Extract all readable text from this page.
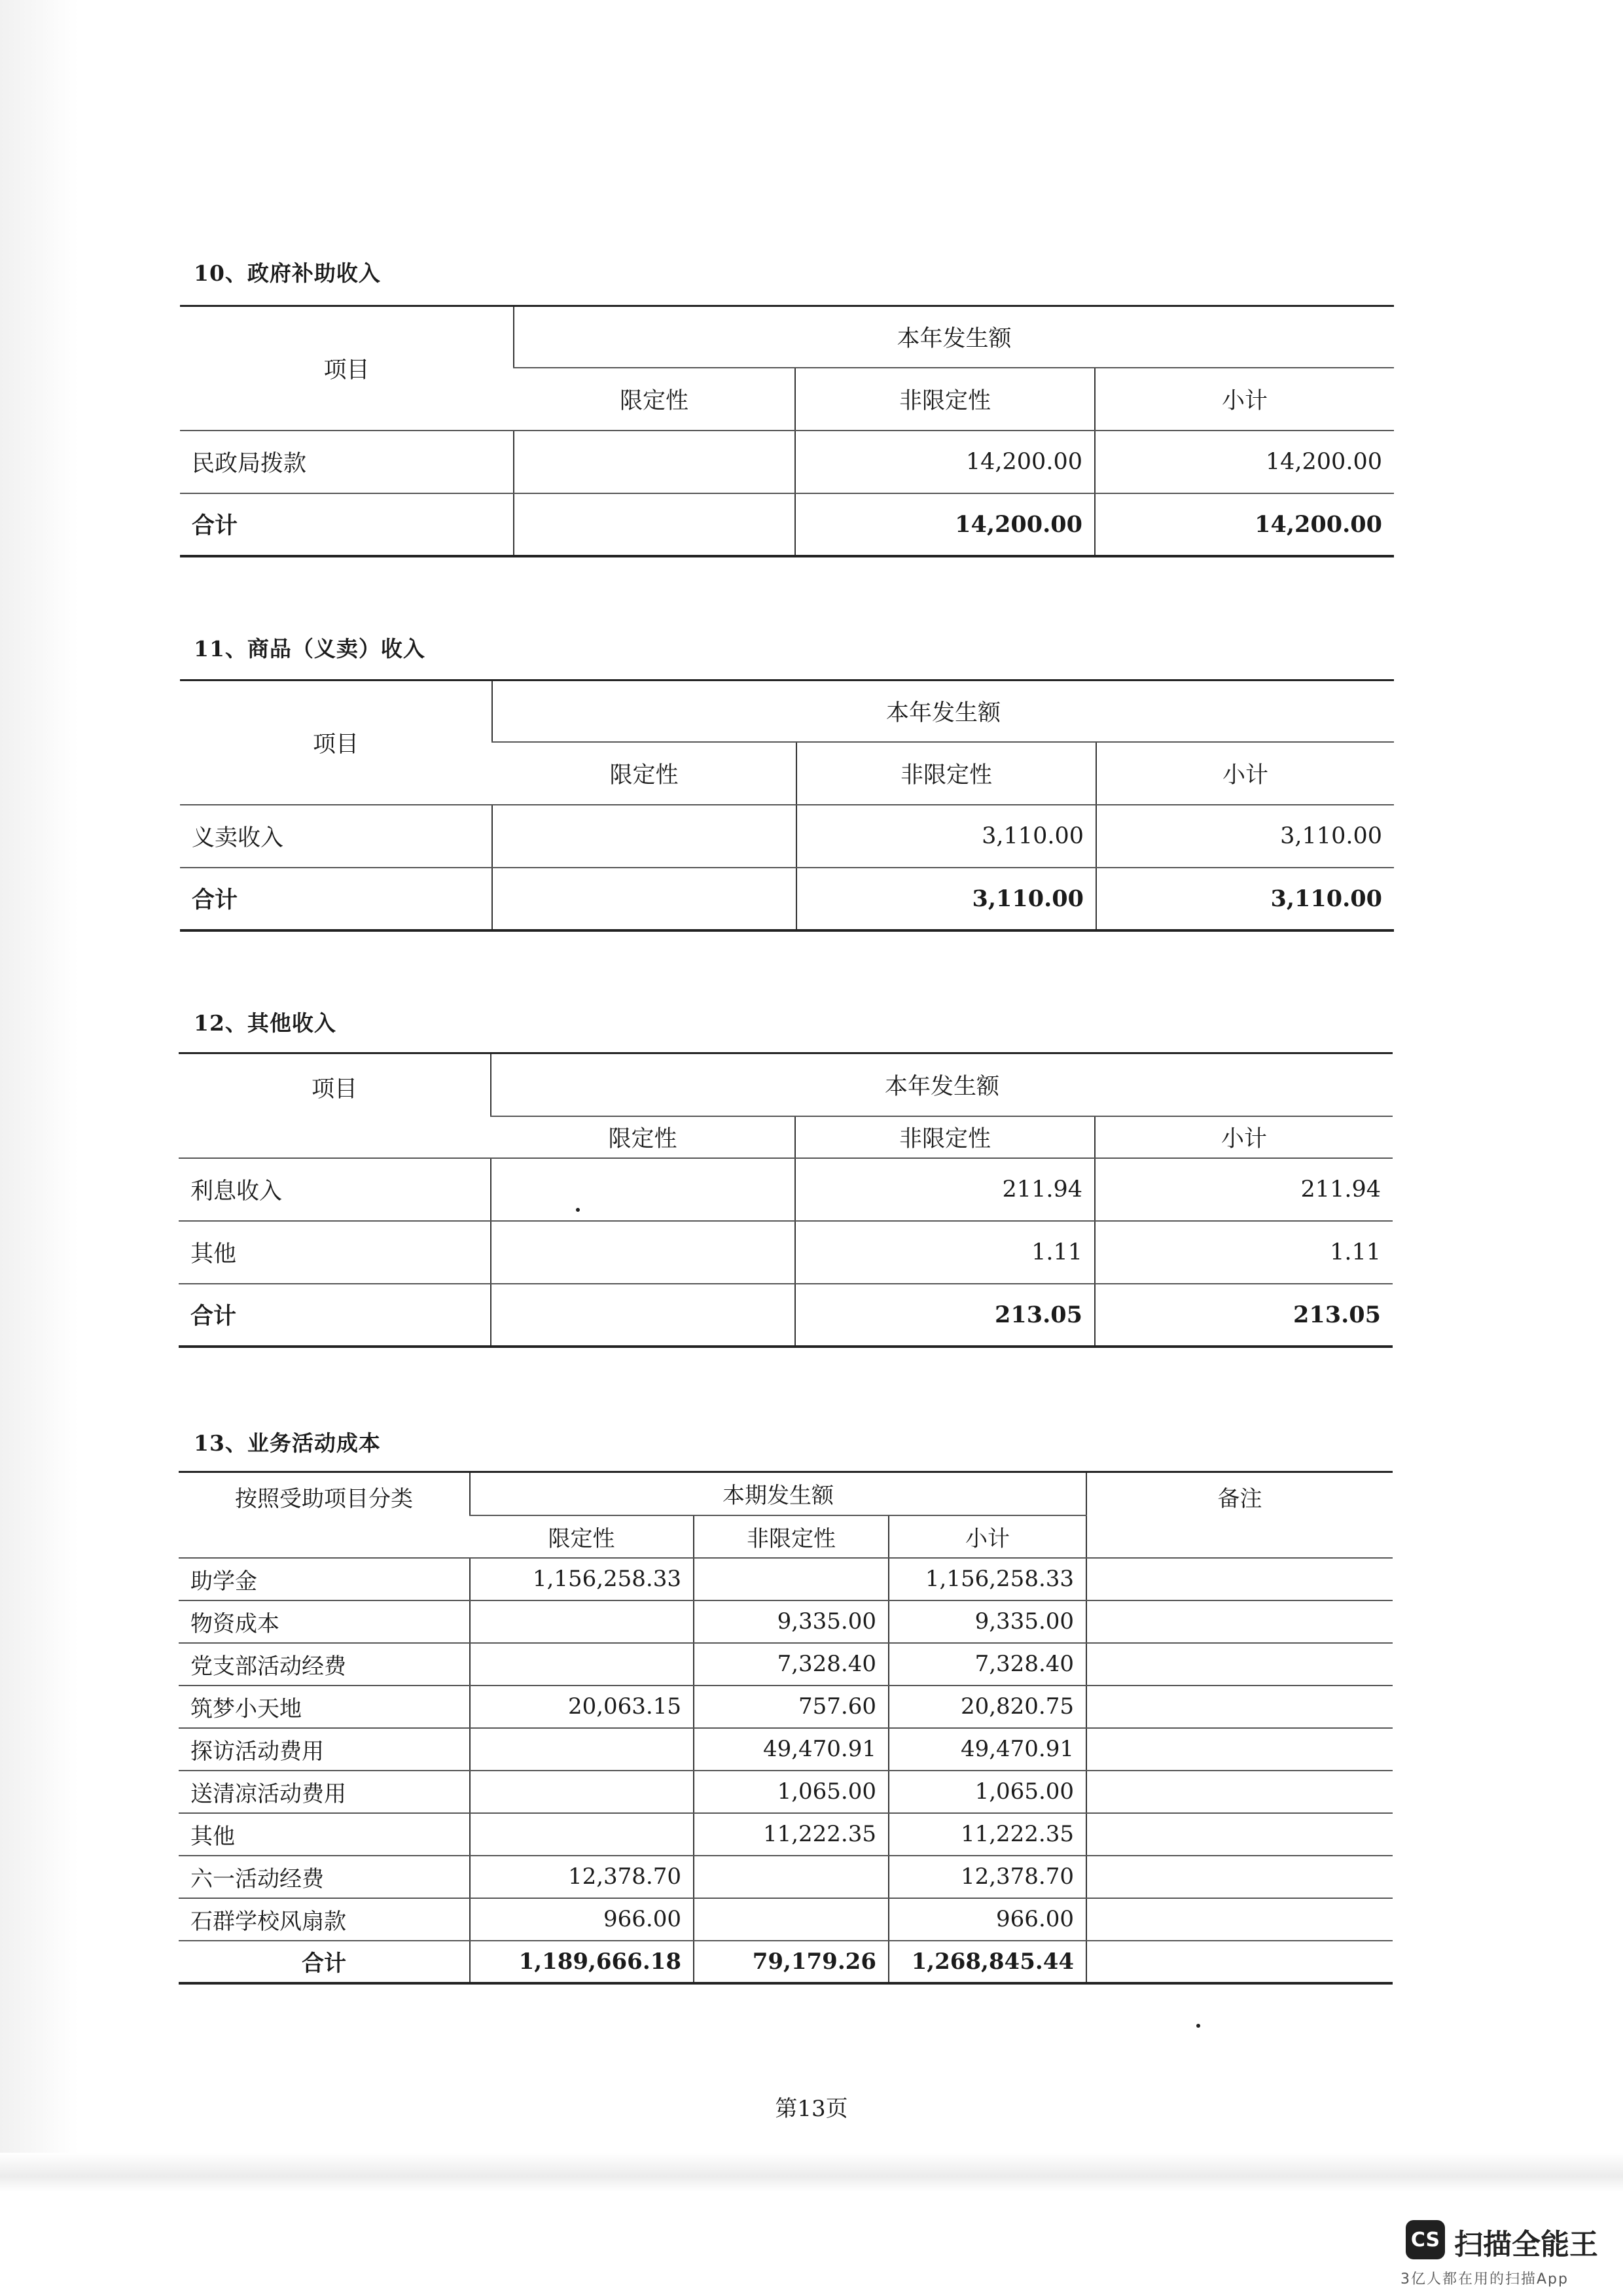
10、政府补助收入
项目	本年发生额		
	限定性	非限定性	小计
民政局拨款		14,200.00	14,200.00
合计		14,200.00	14,200.00
11、商品（义卖）收入
项目	本年发生额		
	限定性	非限定性	小计
义卖收入		3,110.00	3,110.00
合计		3,110.00	3,110.00
12、其他收入
项目	本年发生额		
	限定性	非限定性	小计
利息收入		211.94	211.94
其他		1.11	1.11
合计		213.05	213.05
13、业务活动成本
按照受助项目分类	本期发生额			备注
	限定性	非限定性	小计	
助学金	1,156,258.33		1,156,258.33	
物资成本		9,335.00	9,335.00	
党支部活动经费		7,328.40	7,328.40	
筑梦小天地	20,063.15	757.60	20,820.75	
探访活动费用		49,470.91	49,470.91	
送清凉活动费用		1,065.00	1,065.00	
其他		11,222.35	11,222.35	
六一活动经费	12,378.70		12,378.70	
石群学校风扇款	966.00		966.00	
合计	1,189,666.18	79,179.26	1,268,845.44	
第13页
CS 扫描全能王
3亿人都在用的扫描App
